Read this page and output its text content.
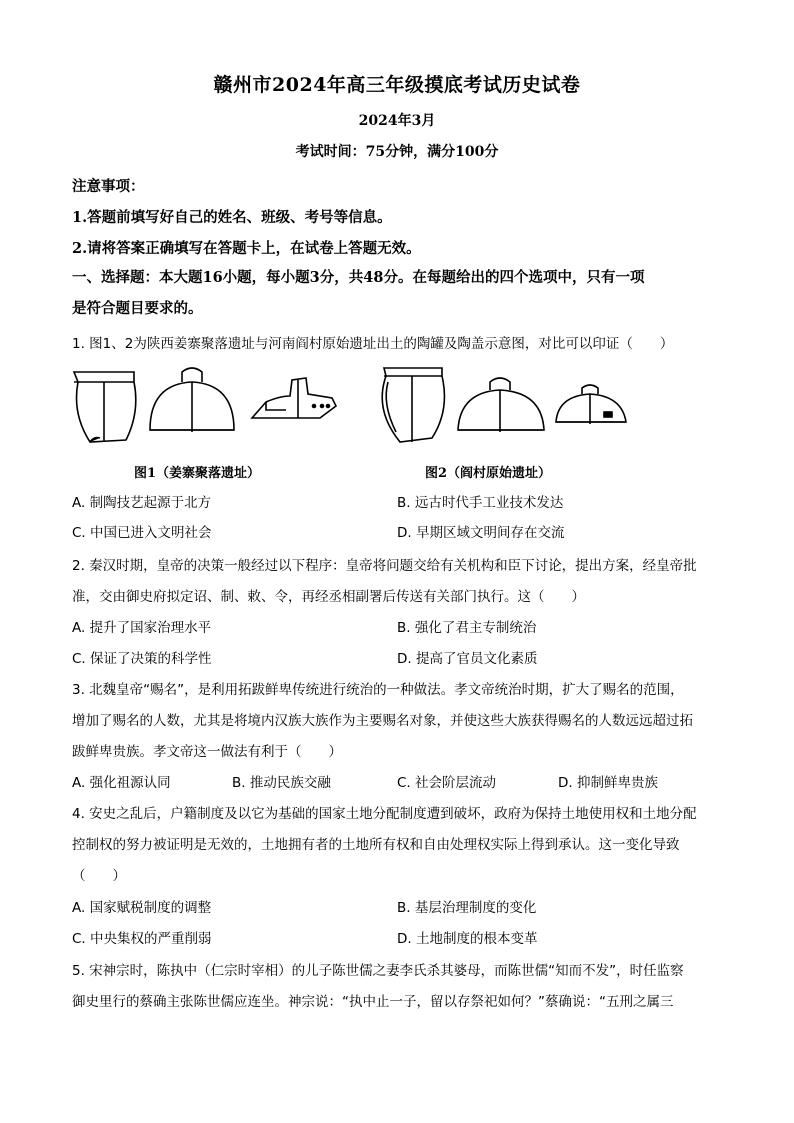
赣州市2024年高三年级摸底考试历史试卷
2024年3月
考试时间：75分钟，满分100分
注意事项：
1.答题前填写好自己的姓名、班级、考号等信息。
2.请将答案正确填写在答题卡上，在试卷上答题无效。
一、选择题：本大题16小题，每小题3分，共48分。在每题给出的四个选项中，只有一项
是符合题目要求的。
1. 图1、2为陕西姜寨聚落遗址与河南阎村原始遗址出土的陶罐及陶盖示意图，对比可以印证（　　）
图1（姜寨聚落遗址）	图2（阎村原始遗址）
A. 制陶技艺起源于北方	B. 远古时代手工业技术发达
C. 中国已进入文明社会	D. 早期区域文明间存在交流
2. 秦汉时期，皇帝的决策一般经过以下程序：皇帝将问题交给有关机构和臣下讨论，提出方案，经皇帝批
准，交由御史府拟定诏、制、敕、令，再经丞相副署后传送有关部门执行。这（　　）
A. 提升了国家治理水平	B. 强化了君主专制统治
C. 保证了决策的科学性	D. 提高了官员文化素质
3. 北魏皇帝“赐名”，是利用拓跋鲜卑传统进行统治的一种做法。孝文帝统治时期，扩大了赐名的范围，
增加了赐名的人数，尤其是将境内汉族大族作为主要赐名对象，并使这些大族获得赐名的人数远远超过拓
跋鲜卑贵族。孝文帝这一做法有利于（　　）
A. 强化祖源认同	B. 推动民族交融	C. 社会阶层流动	D. 抑制鲜卑贵族
4. 安史之乱后，户籍制度及以它为基础的国家土地分配制度遭到破坏，政府为保持土地使用权和土地分配
控制权的努力被证明是无效的，土地拥有者的土地所有权和自由处理权实际上得到承认。这一变化导致
（　　）
A. 国家赋税制度的调整	B. 基层治理制度的变化
C. 中央集权的严重削弱	D. 土地制度的根本变革
5. 宋神宗时，陈执中（仁宗时宰相）的儿子陈世儒之妻李氏杀其婆母，而陈世儒“知而不发”，时任监察
御史里行的蔡确主张陈世儒应连坐。神宗说：“执中止一子，留以存祭祀如何？”蔡确说：“五刑之属三
